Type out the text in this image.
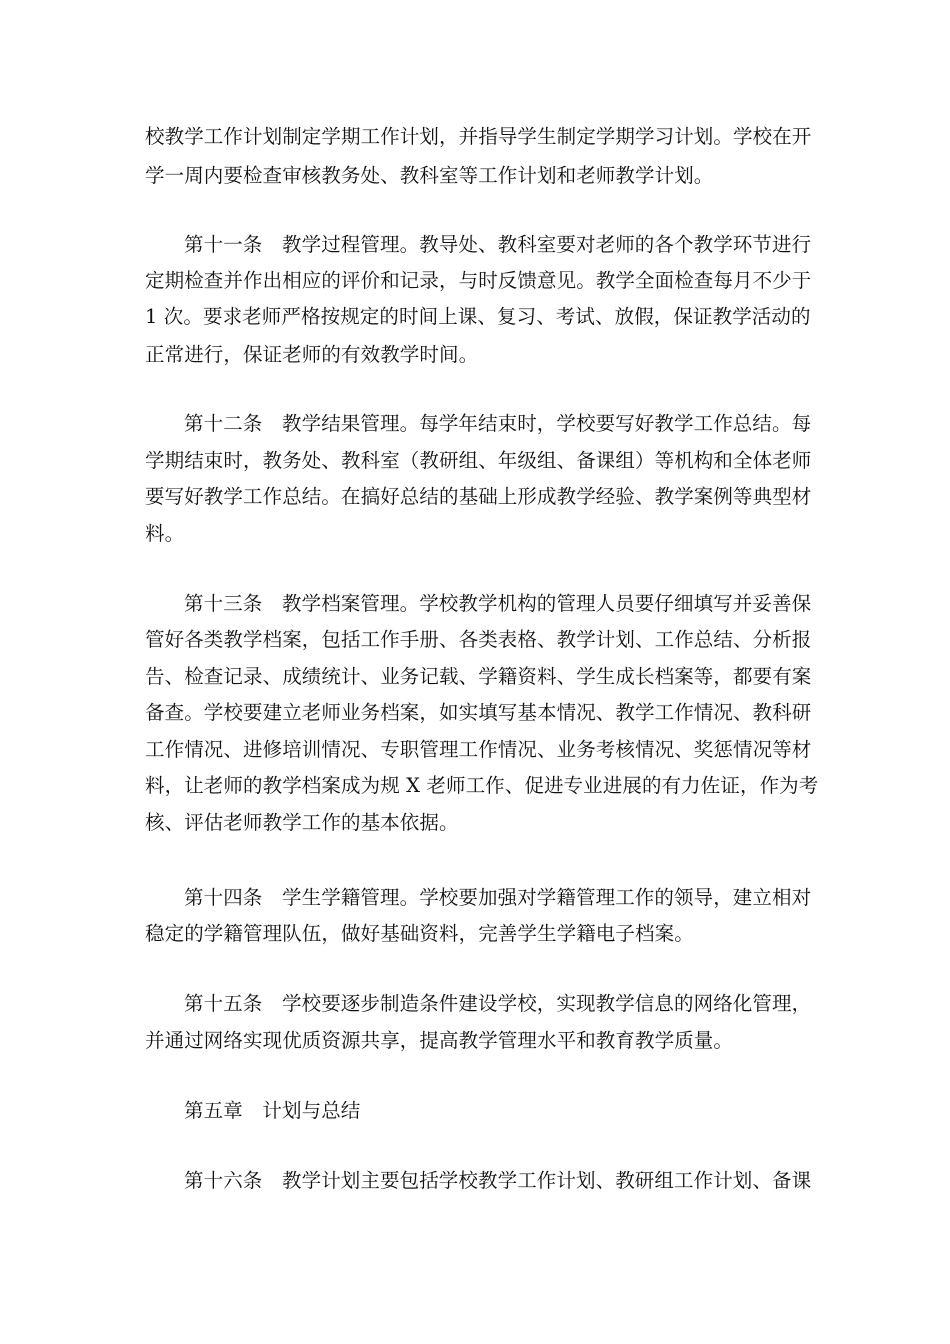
校教学工作计划制定学期工作计划，并指导学生制定学期学习计划。学校在开
学一周内要检查审核教务处、教科室等工作计划和老师教学计划。
第十一条　教学过程管理。教导处、教科室要对老师的各个教学环节进行
定期检查并作出相应的评价和记录，与时反馈意见。教学全面检查每月不少于
1 次。要求老师严格按规定的时间上课、复习、考试、放假，保证教学活动的
正常进行，保证老师的有效教学时间。
第十二条　教学结果管理。每学年结束时，学校要写好教学工作总结。每
学期结束时，教务处、教科室（教研组、年级组、备课组）等机构和全体老师
要写好教学工作总结。在搞好总结的基础上形成教学经验、教学案例等典型材
料。
第十三条　教学档案管理。学校教学机构的管理人员要仔细填写并妥善保
管好各类教学档案，包括工作手册、各类表格、教学计划、工作总结、分析报
告、检查记录、成绩统计、业务记载、学籍资料、学生成长档案等，都要有案
备查。学校要建立老师业务档案，如实填写基本情况、教学工作情况、教科研
工作情况、进修培训情况、专职管理工作情况、业务考核情况、奖惩情况等材
料，让老师的教学档案成为规 X 老师工作、促进专业进展的有力佐证，作为考
核、评估老师教学工作的基本依据。
第十四条　学生学籍管理。学校要加强对学籍管理工作的领导，建立相对
稳定的学籍管理队伍，做好基础资料，完善学生学籍电子档案。
第十五条　学校要逐步制造条件建设学校，实现教学信息的网络化管理，
并通过网络实现优质资源共享，提高教学管理水平和教育教学质量。
第五章　计划与总结
第十六条　教学计划主要包括学校教学工作计划、教研组工作计划、备课
